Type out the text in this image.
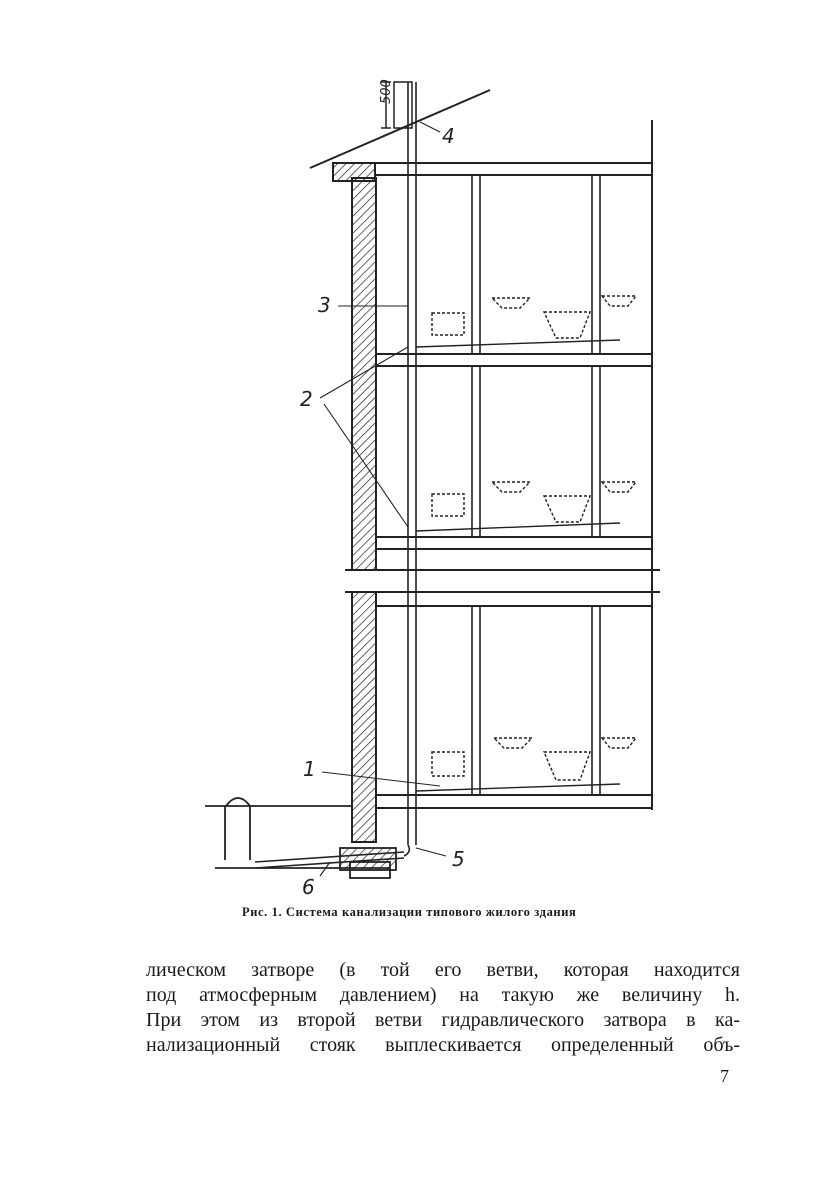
500
1
2
3
4
5
6
Рис. 1. Система канализации типового жилого здания
лическом затворе (в той его ветви, которая находится
под атмосферным давлением) на такую же величину h.
При этом из второй ветви гидравлического затвора в ка-
нализационный стояк выплескивается определенный объ-
7
